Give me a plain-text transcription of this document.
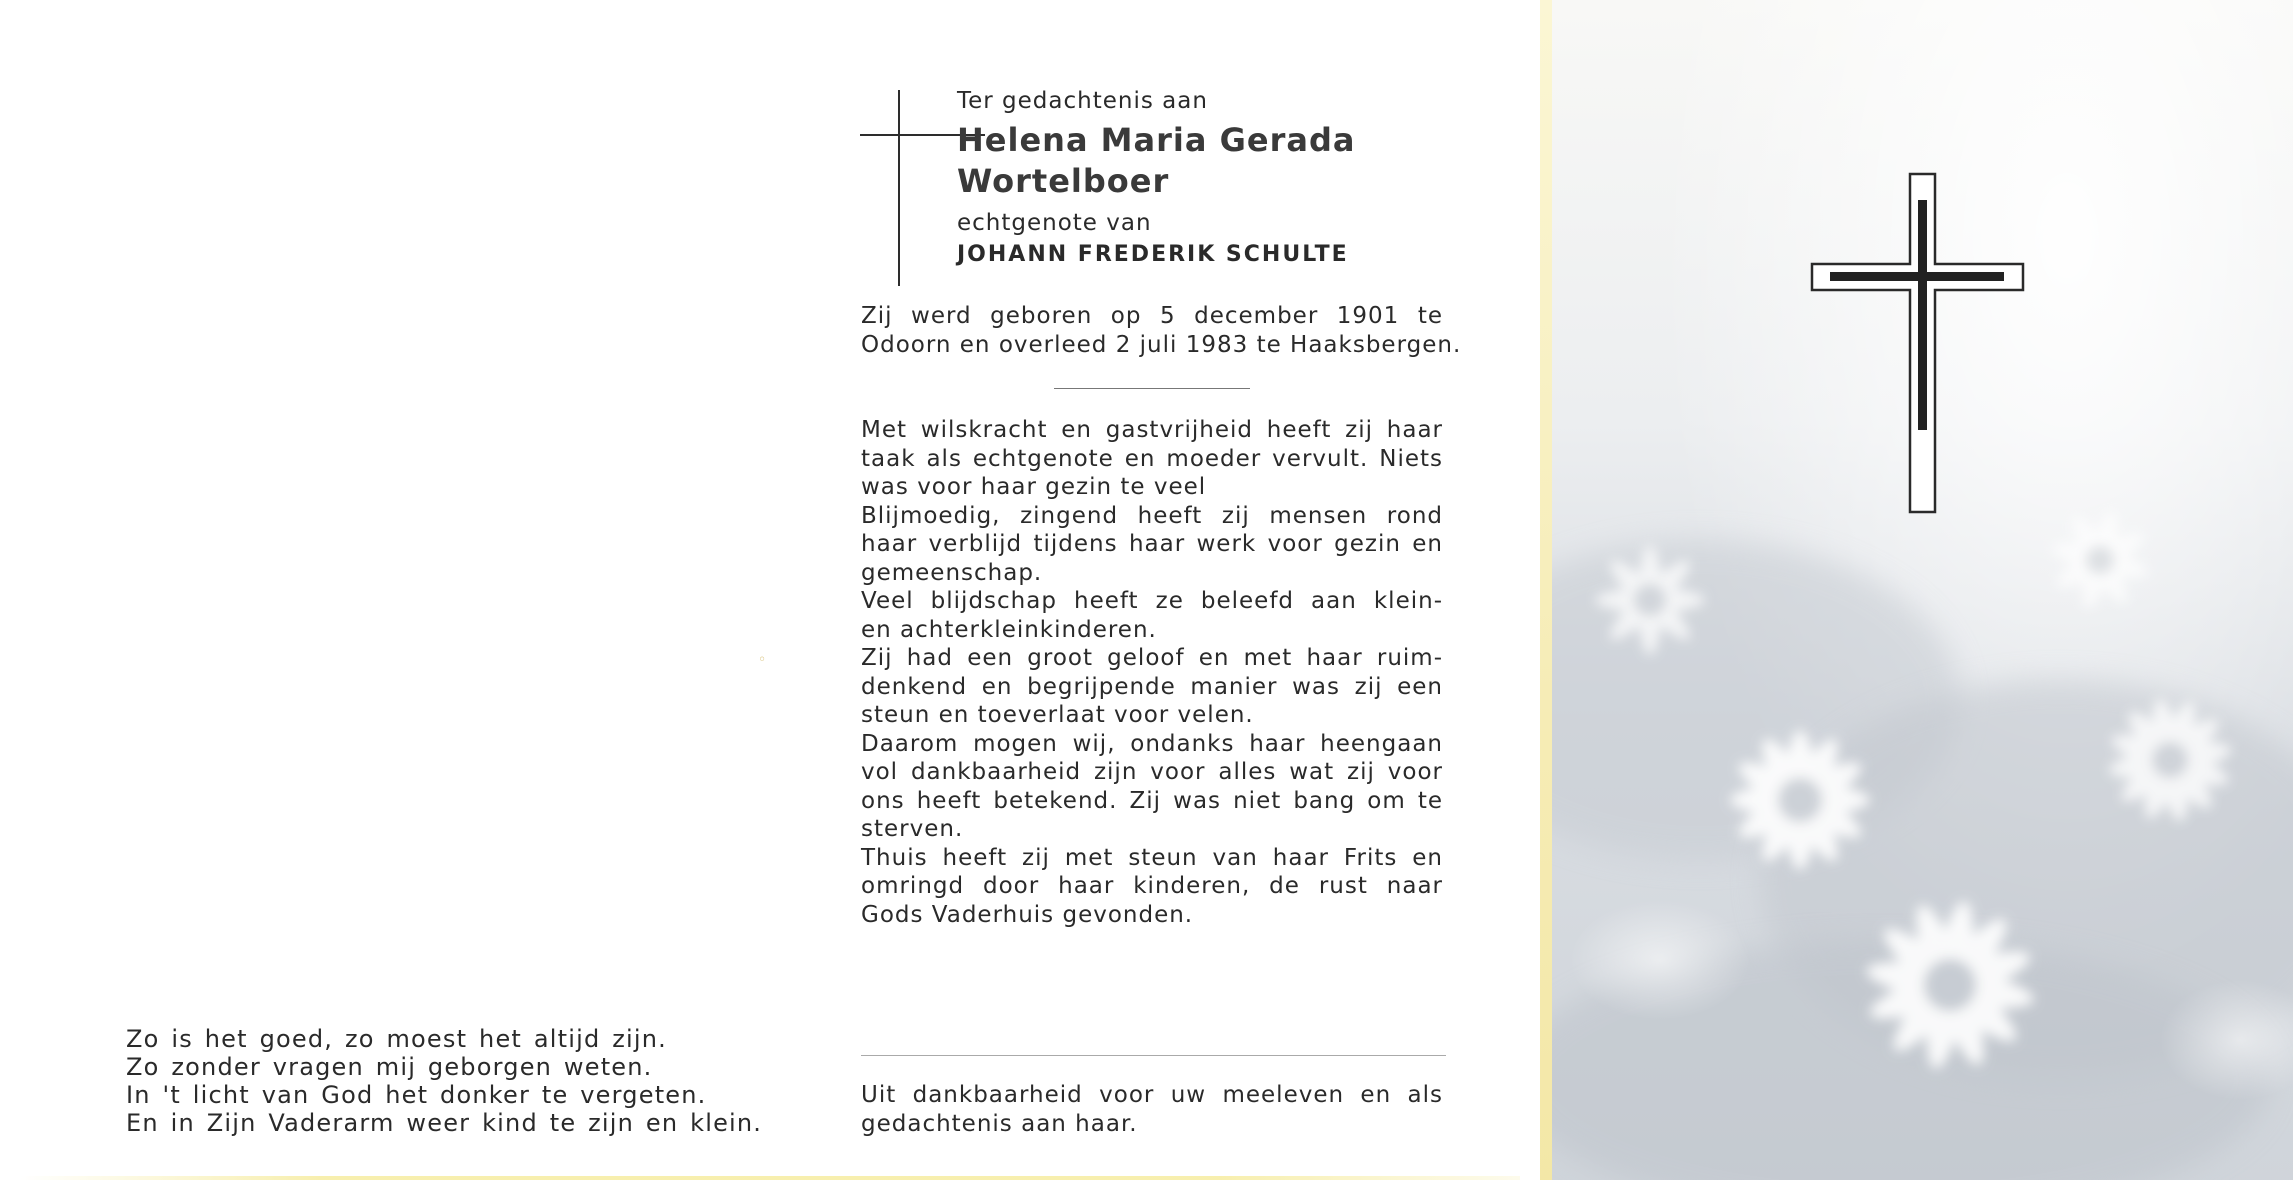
◦
Ter gedachtenis aan
Helena Maria Gerada
Wortelboer
echtgenote van
JOHANN FREDERIK SCHULTE
Zij werd geboren op 5 december 1901 te
Odoorn en overleed 2 juli 1983 te Haaksbergen.
Met wilskracht en gastvrijheid heeft zij haar
taak als echtgenote en moeder vervult. Niets
was voor haar gezin te veel
Blijmoedig, zingend heeft zij mensen rond
haar verblijd tijdens haar werk voor gezin en
gemeenschap.
Veel blijdschap heeft ze beleefd aan klein-
en achterkleinkinderen.
Zij had een groot geloof en met haar ruim-
denkend en begrijpende manier was zij een
steun en toeverlaat voor velen.
Daarom mogen wij, ondanks haar heengaan
vol dankbaarheid zijn voor alles wat zij voor
ons heeft betekend. Zij was niet bang om te
sterven.
Thuis heeft zij met steun van haar Frits en
omringd door haar kinderen, de rust naar
Gods Vaderhuis gevonden.
Zo is het goed, zo moest het altijd zijn.
Zo zonder vragen mij geborgen weten.
In 't licht van God het donker te vergeten.
En in Zijn Vaderarm weer kind te zijn en klein.
Uit dankbaarheid voor uw meeleven en als
gedachtenis aan haar.
